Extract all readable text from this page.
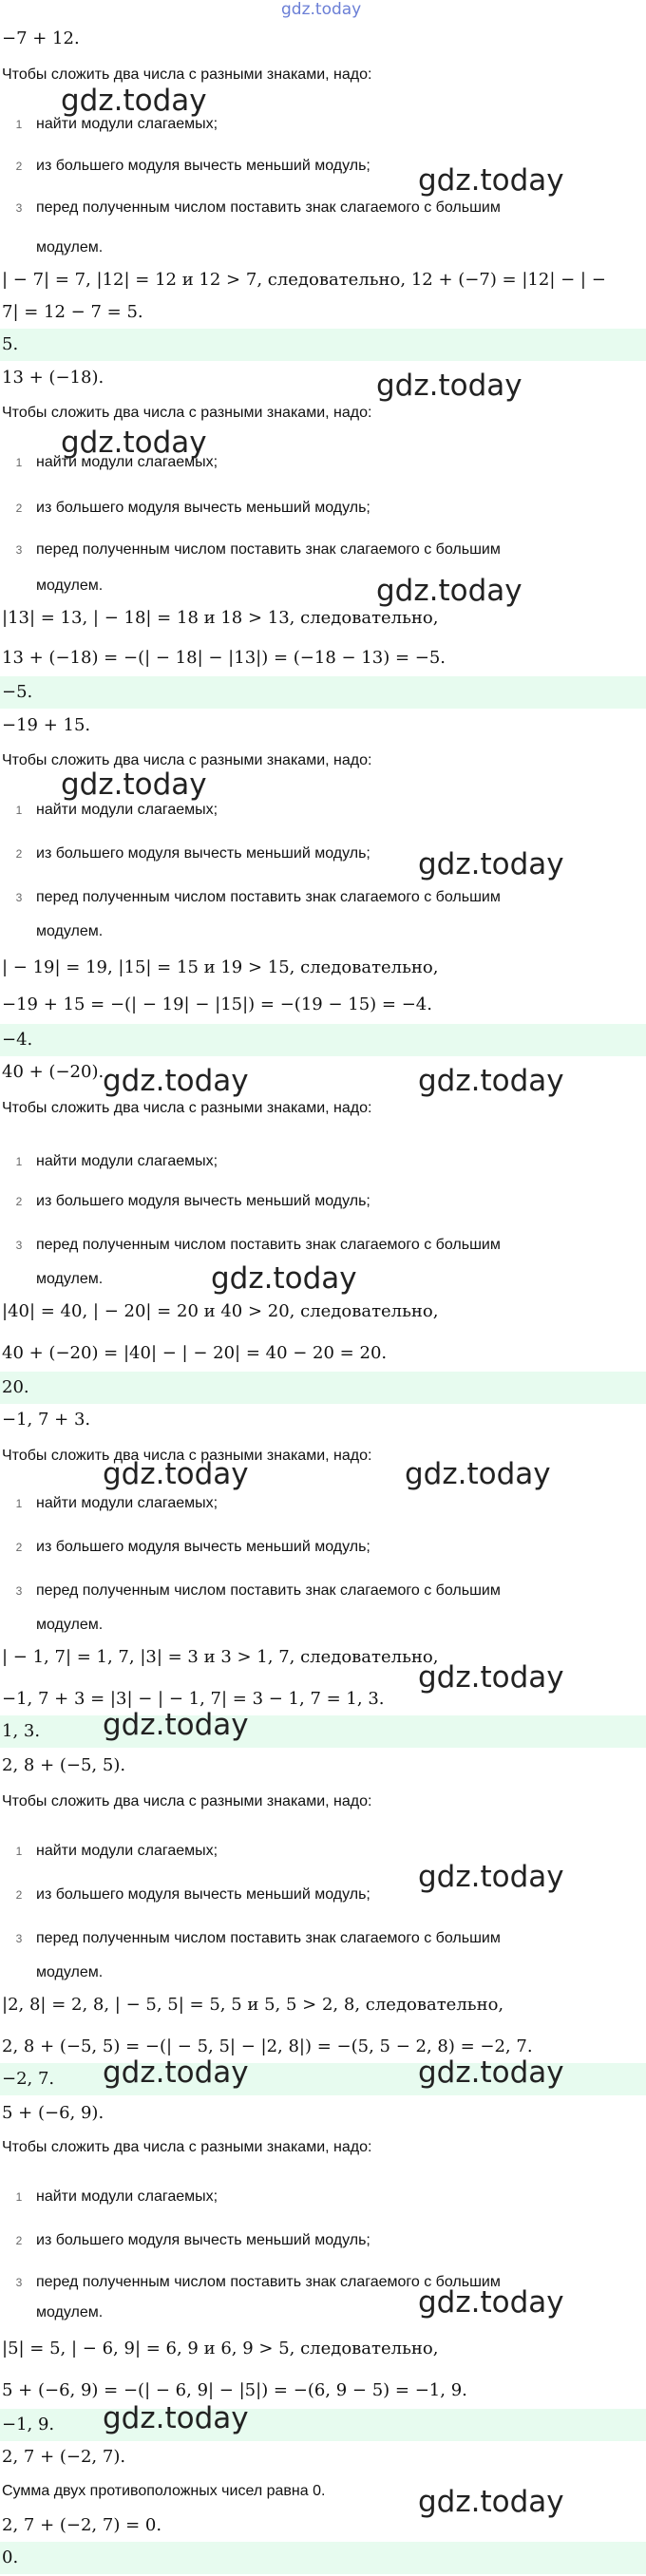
gdz.today
−7 + 12.
Чтобы сложить два числа с разными знаками, надо:
1 найти модули слагаемых;
2 из большего модуля вычесть меньший модуль;
3 перед полученным числом поставить знак слагаемого с большим
модулем.
| − 7| = 7, |12| = 12 и 12 > 7, следовательно, 12 + (−7) = |12| − | −
7| = 12 − 7 = 5.
5.
13 + (−18).
Чтобы сложить два числа с разными знаками, надо:
1 найти модули слагаемых;
2 из большего модуля вычесть меньший модуль;
3 перед полученным числом поставить знак слагаемого с большим
модулем.
|13| = 13, | − 18| = 18 и 18 > 13, следовательно,
13 + (−18) = −(| − 18| − |13|) = (−18 − 13) = −5.
−5.
−19 + 15.
Чтобы сложить два числа с разными знаками, надо:
1 найти модули слагаемых;
2 из большего модуля вычесть меньший модуль;
3 перед полученным числом поставить знак слагаемого с большим
модулем.
| − 19| = 19, |15| = 15 и 19 > 15, следовательно,
−19 + 15 = −(| − 19| − |15|) = −(19 − 15) = −4.
−4.
40 + (−20).
Чтобы сложить два числа с разными знаками, надо:
1 найти модули слагаемых;
2 из большего модуля вычесть меньший модуль;
3 перед полученным числом поставить знак слагаемого с большим
модулем.
|40| = 40, | − 20| = 20 и 40 > 20, следовательно,
40 + (−20) = |40| − | − 20| = 40 − 20 = 20.
20.
−1, 7 + 3.
Чтобы сложить два числа с разными знаками, надо:
1 найти модули слагаемых;
2 из большего модуля вычесть меньший модуль;
3 перед полученным числом поставить знак слагаемого с большим
модулем.
| − 1, 7| = 1, 7, |3| = 3 и 3 > 1, 7, следовательно,
−1, 7 + 3 = |3| − | − 1, 7| = 3 − 1, 7 = 1, 3.
1, 3.
2, 8 + (−5, 5).
Чтобы сложить два числа с разными знаками, надо:
1 найти модули слагаемых;
2 из большего модуля вычесть меньший модуль;
3 перед полученным числом поставить знак слагаемого с большим
модулем.
|2, 8| = 2, 8, | − 5, 5| = 5, 5 и 5, 5 > 2, 8, следовательно,
2, 8 + (−5, 5) = −(| − 5, 5| − |2, 8|) = −(5, 5 − 2, 8) = −2, 7.
−2, 7.
5 + (−6, 9).
Чтобы сложить два числа с разными знаками, надо:
1 найти модули слагаемых;
2 из большего модуля вычесть меньший модуль;
3 перед полученным числом поставить знак слагаемого с большим
модулем.
|5| = 5, | − 6, 9| = 6, 9 и 6, 9 > 5, следовательно,
5 + (−6, 9) = −(| − 6, 9| − |5|) = −(6, 9 − 5) = −1, 9.
−1, 9.
2, 7 + (−2, 7).
Сумма двух противоположных чисел равна 0.
2, 7 + (−2, 7) = 0.
0.
gdz.today
gdz.today
gdz.today
gdz.today
gdz.today
gdz.today
gdz.today
gdz.today	gdz.today
gdz.today
gdz.today	gdz.today
gdz.today
gdz.today
gdz.today
gdz.today	gdz.today
gdz.today
gdz.today
gdz.today
